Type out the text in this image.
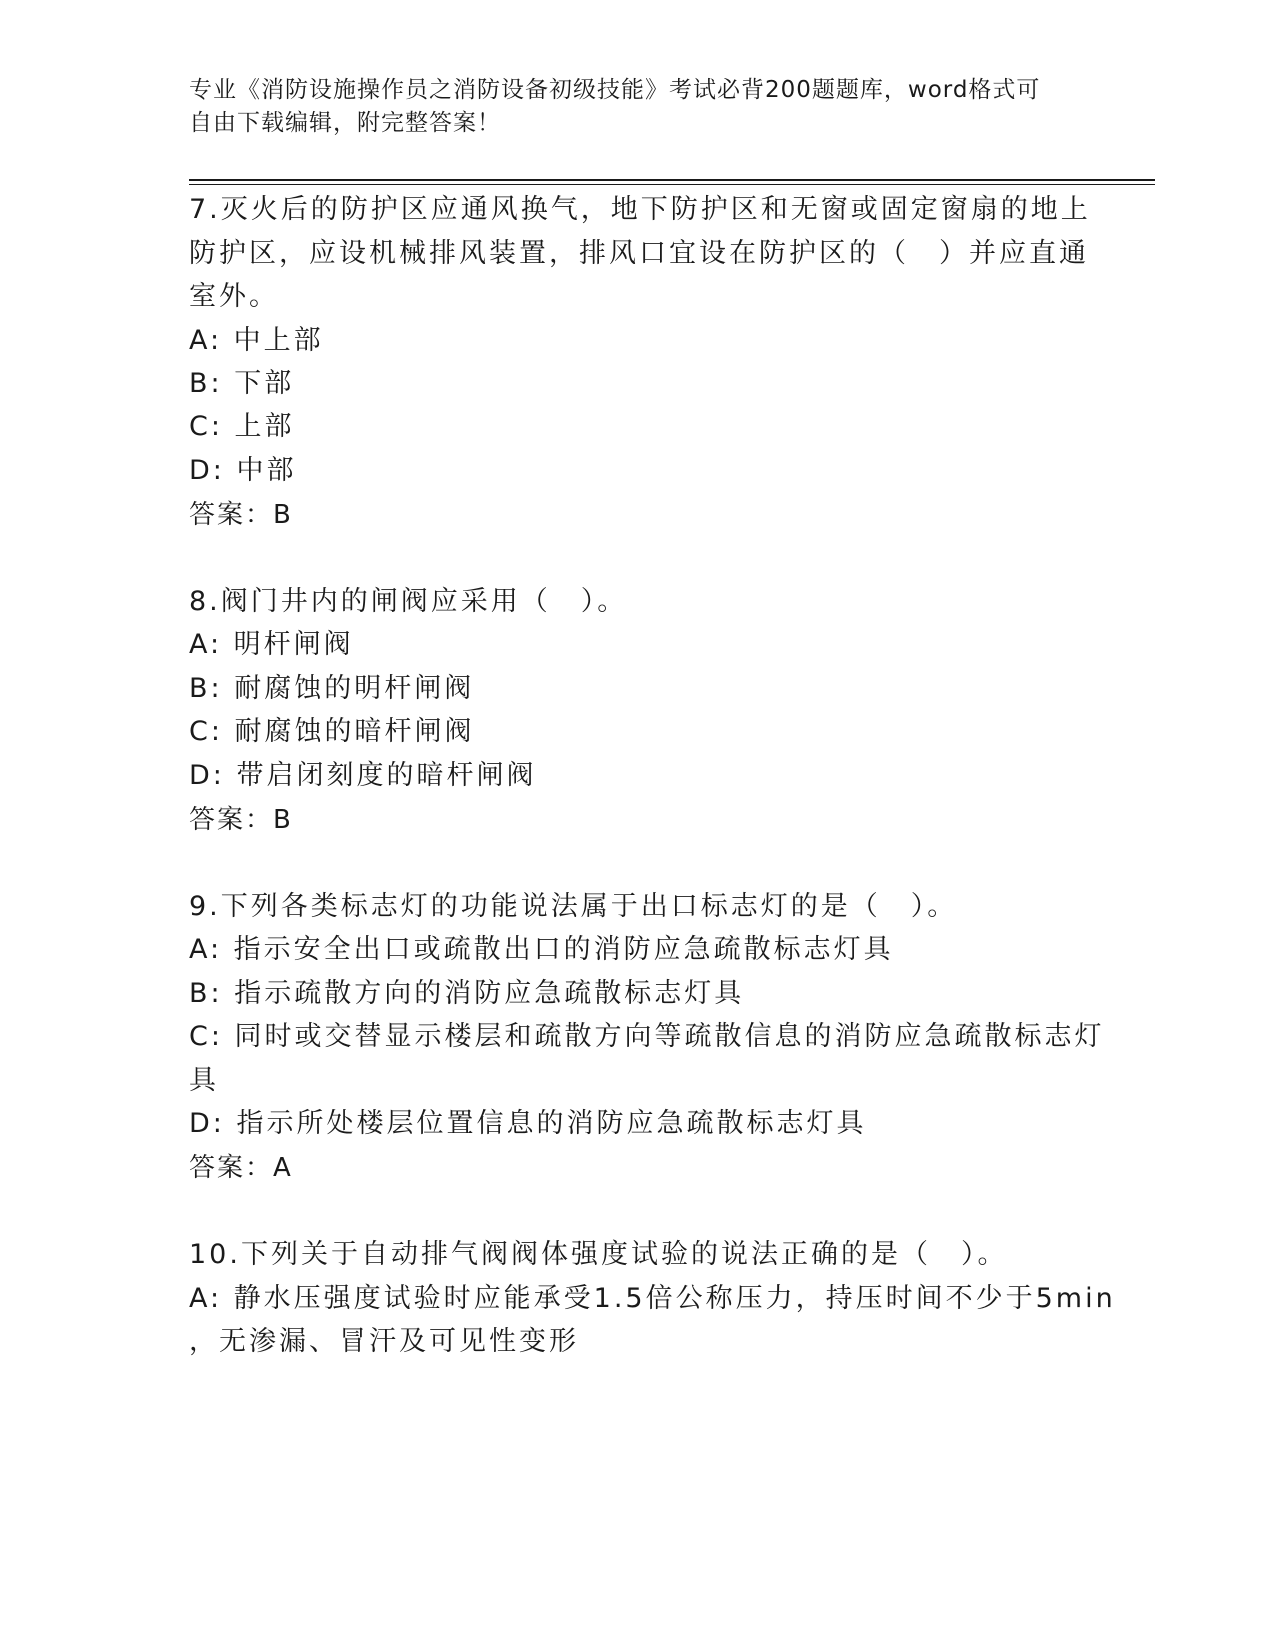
专业《消防设施操作员之消防设备初级技能》考试必背200题题库，word格式可
自由下载编辑，附完整答案！
7.灭火后的防护区应通风换气，地下防护区和无窗或固定窗扇的地上
防护区，应设机械排风装置，排风口宜设在防护区的（　）并应直通
室外。
A: 中上部
B: 下部
C: 上部
D: 中部
答案：B
8.阀门井内的闸阀应采用（　）。
A: 明杆闸阀
B: 耐腐蚀的明杆闸阀
C: 耐腐蚀的暗杆闸阀
D: 带启闭刻度的暗杆闸阀
答案：B
9.下列各类标志灯的功能说法属于出口标志灯的是（　）。
A: 指示安全出口或疏散出口的消防应急疏散标志灯具
B: 指示疏散方向的消防应急疏散标志灯具
C: 同时或交替显示楼层和疏散方向等疏散信息的消防应急疏散标志灯
具
D: 指示所处楼层位置信息的消防应急疏散标志灯具
答案：A
10.下列关于自动排气阀阀体强度试验的说法正确的是（　）。
A: 静水压强度试验时应能承受1.5倍公称压力，持压时间不少于5min
，无渗漏、冒汗及可见性变形
